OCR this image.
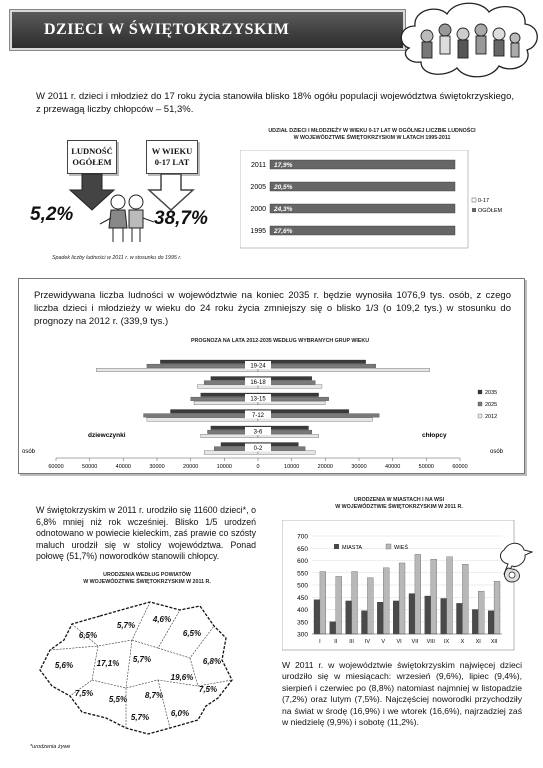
DZIECI W ŚWIĘTOKRZYSKIM
W 2011 r. dzieci i młodzież do 17 roku życia stanowiła blisko 18% ogółu populacji województwa świętokrzyskiego, z przewagą liczby chłopców – 51,3%.
LUDNOŚĆ
OGÓŁEM
W WIEKU
0-17 LAT
5,2%	38,7%
Spadek liczby ludności w 2011 r. w stosunku do 1995 r.
UDZIAŁ DZIECI I MŁODZIEŻY W WIEKU 0-17 LAT W OGÓLNEJ LICZBIE LUDNOŚCI
W WOJEWÓDZTWIE ŚWIĘTOKRZYSKIM W LATACH 1995-2011
2011 17,9%
2005 20,5%
2000 24,3%
1995 27,6%
0-17
OGÓŁEM
Przewidywana liczba ludności w województwie na koniec 2035 r. będzie wynosiła 1076,9 tys. osób, z czego liczba dzieci i młodzieży w wieku do 24 roku życia zmniejszy się o blisko 1/3 (o 109,2 tys.) w stosunku do prognozy na 2012 r. (339,9 tys.)
PROGNOZA NA LATA 2012-2035 WEDŁUG WYBRANYCH GRUP WIEKU
19-24
16-18
13-15
7-12
3-6
0-2
60000	50000	40000	30000	20000	10000	0	10000	20000	30000	40000	50000	60000
dziewczynki	chłopcy
osób	osób
2035
2025
2012
W świętokrzyskim w 2011 r. urodziło się 11600 dzieci*, o 6,8% mniej niż rok wcześniej. Blisko 1/5 urodzeń odnotowano w powiecie kieleckim, zaś prawie co szósty maluch urodził się w stolicy województwa. Ponad połowę (51,7%) noworodków stanowili chłopcy.
URODZENIA WEDŁUG POWIATÓW
W WOJEWÓDZTWIE ŚWIĘTOKRZYSKIM W 2011 R.
6,5%
5,7%
4,6%
6,5%
5,6%	17,1% 5,7%	6,8%
7,5%
5,5% 8,7%
19,6%
7,5%
5,7%	6,0%
*urodzenia żywe
URODZENIA W MIASTACH I NA WSI
W WOJEWÓDZTWIE ŚWIĘTOKRZYSKIM W 2011 R.
300
350
400
450
500
550
600
650
700
I II III IV V VI VII VIII IX X XI XII
MIASTA	WIEŚ
W 2011 r. w województwie świętokrzyskim najwięcej dzieci urodziło się w miesiącach: wrzesień (9,6%), lipiec (9,4%), sierpień i czerwiec po (8,8%) natomiast najmniej w listopadzie (7,2%) oraz lutym (7,5%). Najczęściej noworodki przychodziły na świat w środę (16,9%) i we wtorek (16,6%), najrzadziej zaś w niedzielę (9,9%) i sobotę (11,2%).
